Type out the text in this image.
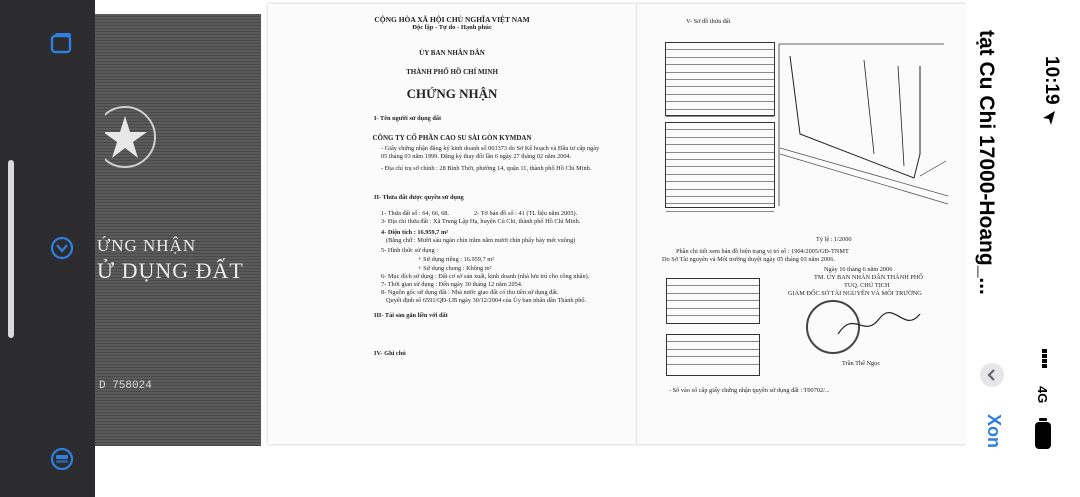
ỨNG NHẬN
Ử DỤNG ĐẤT
D 758024
CỘNG HÒA XÃ HỘI CHỦ NGHĨA VIỆT NAM
Độc lập - Tự do - Hạnh phúc
ỦY BAN NHÂN DÂN
THÀNH PHỐ HỒ CHÍ MINH
CHỨNG NHẬN
I- Tên người sử dụng đất
CÔNG TY CỔ PHẦN CAO SU SÀI GÒN KYMDAN
- Giấy chứng nhận đăng ký kinh doanh số 063373 do Sở Kế hoạch và Đầu tư cấp ngày
05 tháng 03 năm 1999. Đăng ký thay đổi lần 6 ngày 27 tháng 02 năm 2004.
- Địa chỉ trụ sở chính : 28 Bình Thới, phường 14, quận 11, thành phố Hồ Chí Minh.
II- Thửa đất được quyền sử dụng
1- Thửa đất số : 64, 66, 68.	2- Tờ bản đồ số : 41 (TL liệu năm 2005).
3- Địa chỉ thửa đất : Xã Trung Lập Hạ, huyện Củ Chi, thành phố Hồ Chí Minh.
4- Diện tích : 16.959,7 m²
(Bằng chữ : Mười sáu ngàn chín trăm năm mươi chín phẩy bảy mét vuông)
5- Hình thức sử dụng :
+ Sử dụng riêng : 16.959,7 m²
+ Sử dụng chung : Không m²
6- Mục đích sử dụng : Đất cơ sở sản xuất, kinh doanh (nhà lưu trú cho công nhân).
7- Thời gian sử dụng : Đến ngày 30 tháng 12 năm 2054.
8- Nguồn gốc sử dụng đất : Nhà nước giao đất có thu tiền sử dụng đất.
Quyết định số 6591/QĐ-UB ngày 30/12/2004 của Ủy ban nhân dân Thành phố.
III- Tài sản gắn liền với đất
IV- Ghi chú
V- Sơ đồ thửa đất
Tỷ lệ : 1/2000
Phần chi tiết xem bản đồ hiện trạng vị trí số : 1904/2005/GĐ-TNMT
Do Sở Tài nguyên và Môi trường duyệt ngày 05 tháng 03 năm 2006.
Ngày 16 tháng 6 năm 2006
TM. ỦY BAN NHÂN DÂN THÀNH PHỐ
TUQ. CHỦ TỊCH
GIÁM ĐỐC SỞ TÀI NGUYÊN VÀ MÔI TRƯỜNG
Trần Thế Ngọc
- Số vào sổ cấp giấy chứng nhận quyền sử dụng đất : T00702/...
10:19
tạt Cu Chi 17000-Hoang_...
4G
Xon
